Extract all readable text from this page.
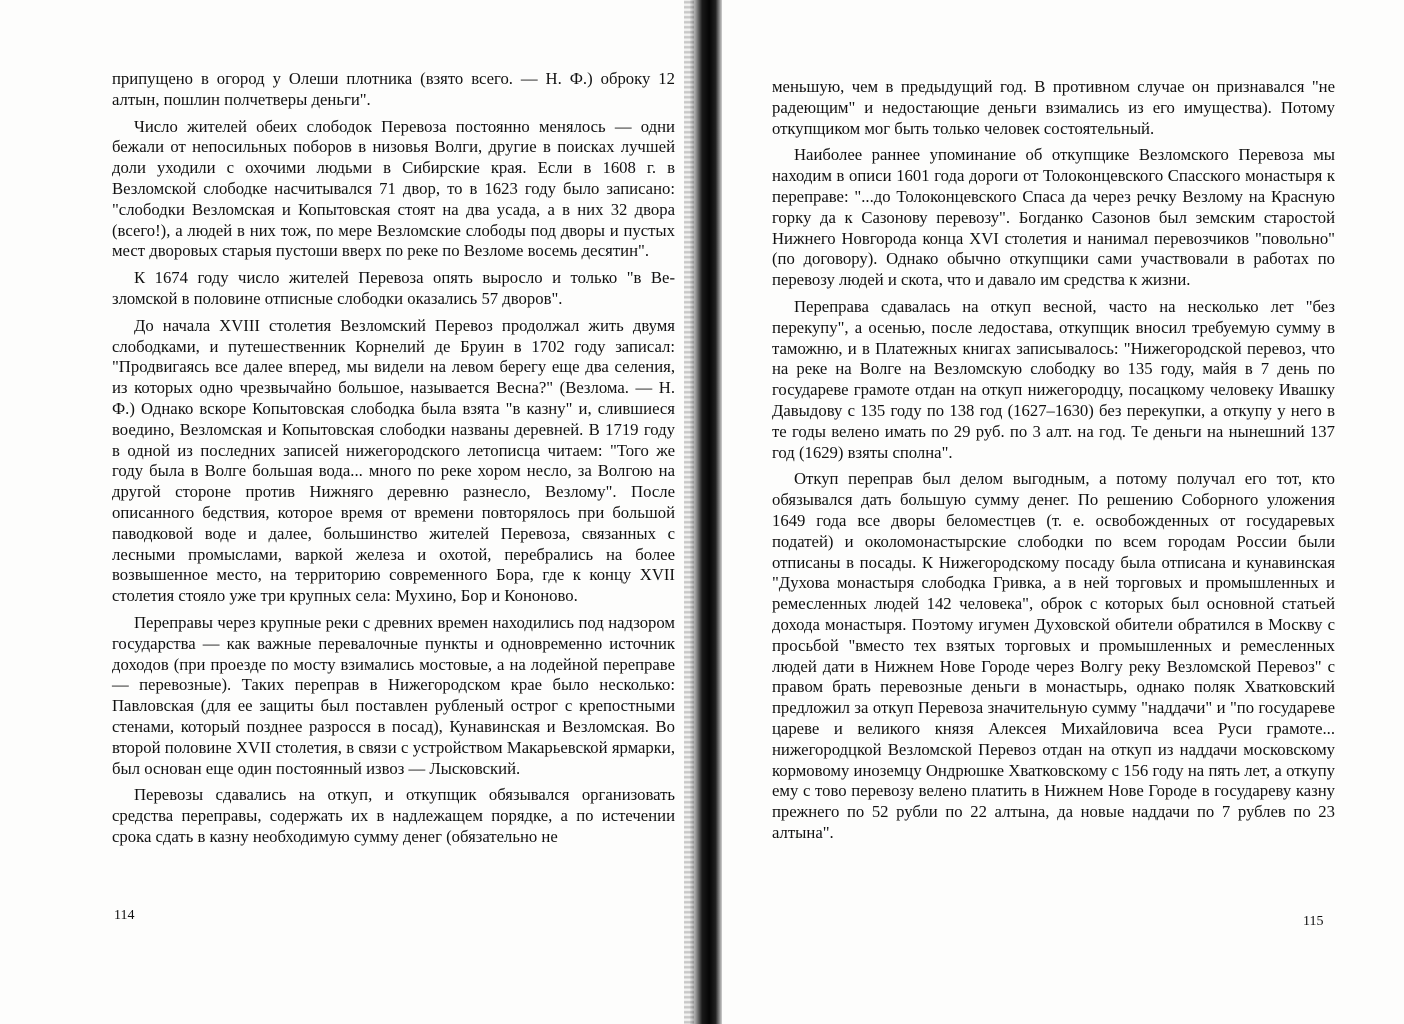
припущено в огород у Олеши плотника (взято всего. — Н. Ф.) оброку 12 алтын, пошлин полчетверы деньги".

Число жителей обеих слободок Перевоза постоянно менялось — одни бежали от непосильных поборов в низовья Волги, другие в поисках лучшей доли уходили с охочими людьми в Сибирские края. Если в 1608 г. в Везломской слободке насчитывался 71 двор, то в 1623 году было записано: "слободки Везломская и Копытовская стоят на два усада, а в них 32 двора (всего!), а людей в них тож, по мере Везломские слободы под дворы и пустых мест дворовых старыя пустоши вверх по реке по Везломе восемь десятин".

К 1674 году число жителей Перевоза опять выросло и только "в Везломской в половине отписные слободки оказались 57 дворов".

До начала XVIII столетия Везломский Перевоз продолжал жить двумя слободками, и путешественник Корнелий де Бруин в 1702 году записал: "Продвигаясь все далее вперед, мы видели на левом берегу еще два селения, из которых одно чрезвычайно большое, называется Весна?" (Везлома. — Н. Ф.) Однако вскоре Копытовская слободка была взята "в казну" и, слившиеся воедино, Везломская и Копытовская слободки названы деревней. В 1719 году в одной из последних записей нижегородского летописца читаем: "Того же году была в Волге большая вода... много по реке хором несло, за Волгою на другой стороне против Нижняго деревню разнесло, Везлому". После описанного бедствия, которое время от времени повторялось при большой паводковой воде и далее, большинство жителей Перевоза, связанных с лесными промыслами, варкой железа и охотой, перебрались на более возвышенное место, на территорию современного Бора, где к концу XVII столетия стояло уже три крупных села: Мухино, Бор и Кононово.

Переправы через крупные реки с древних времен находились под надзором государства — как важные перевалочные пункты и одновременно источник доходов (при проезде по мосту взимались мостовые, а на лодейной переправе — перевозные). Таких переправ в Нижегородском крае было несколько: Павловская (для ее защиты был поставлен рубленый острог с крепостными стенами, который позднее разросся в посад), Кунавинская и Везломская. Во второй половине XVII столетия, в связи с устройством Макарьевской ярмарки, был основан еще один постоянный извоз — Лысковский.

Перевозы сдавались на откуп, и откупщик обязывался организовать средства переправы, содержать их в надлежащем порядке, а по истечении срока сдать в казну необходимую сумму денег (обязательно не

114

меньшую, чем в предыдущий год. В противном случае он признавался "не радеющим" и недостающие деньги взимались из его имущества). Потому откупщиком мог быть только человек состоятельный.

Наиболее раннее упоминание об откупщике Везломского Перевоза мы находим в описи 1601 года дороги от Толоконцевского Спасского монастыря к переправе: "...до Толоконцевского Спаса да через речку Везлому на Красную горку да к Сазонову перевозу". Богданко Сазонов был земским старостой Нижнего Новгорода конца XVI столетия и нанимал перевозчиков "повольно" (по договору). Однако обычно откупщики сами участвовали в работах по перевозу людей и скота, что и давало им средства к жизни.

Переправа сдавалась на откуп весной, часто на несколько лет "без перекупу", а осенью, после ледостава, откупщик вносил требуемую сумму в таможню, и в Платежных книгах записывалось: "Нижегородской перевоз, что на реке на Волге на Везломскую слободку во 135 году, майя в 7 день по государеве грамоте отдан на откуп нижегородцу, посацкому человеку Ивашку Давыдову с 135 году по 138 год (1627–1630) без перекупки, а откупу у него в те годы велено имать по 29 руб. по 3 алт. на год. Те деньги на нынешний 137 год (1629) взяты сполна".

Откуп переправ был делом выгодным, а потому получал его тот, кто обязывался дать большую сумму денег. По решению Соборного уложения 1649 года все дворы беломестцев (т. е. освобожденных от государевых податей) и околомонастырские слободки по всем городам России были отписаны в посады. К Нижегородскому посаду была отписана и кунавинская "Духова монастыря слободка Гривка, а в ней торговых и промышленных и ремесленных людей 142 человека", оброк с которых был основной статьей дохода монастыря. Поэтому игумен Духовской обители обратился в Москву с просьбой "вместо тех взятых торговых и промышленных и ремесленных людей дати в Нижнем Нове Городе через Волгу реку Везломской Перевоз" с правом брать перевозные деньги в монастырь, однако поляк Хватковский предложил за откуп Перевоза значительную сумму "наддачи" и "по государеве цареве и великого князя Алексея Михайловича всеа Руси грамоте... нижегородцкой Везломской Перевоз отдан на откуп из наддачи московскому кормовому иноземцу Ондрюшке Хватковскому с 156 году на пять лет, а откупу ему с тово перевозу велено платить в Нижнем Нове Городе в государеву казну прежнего по 52 рубли по 22 алтына, да новые наддачи по 7 рублев по 23 алтына".

115
